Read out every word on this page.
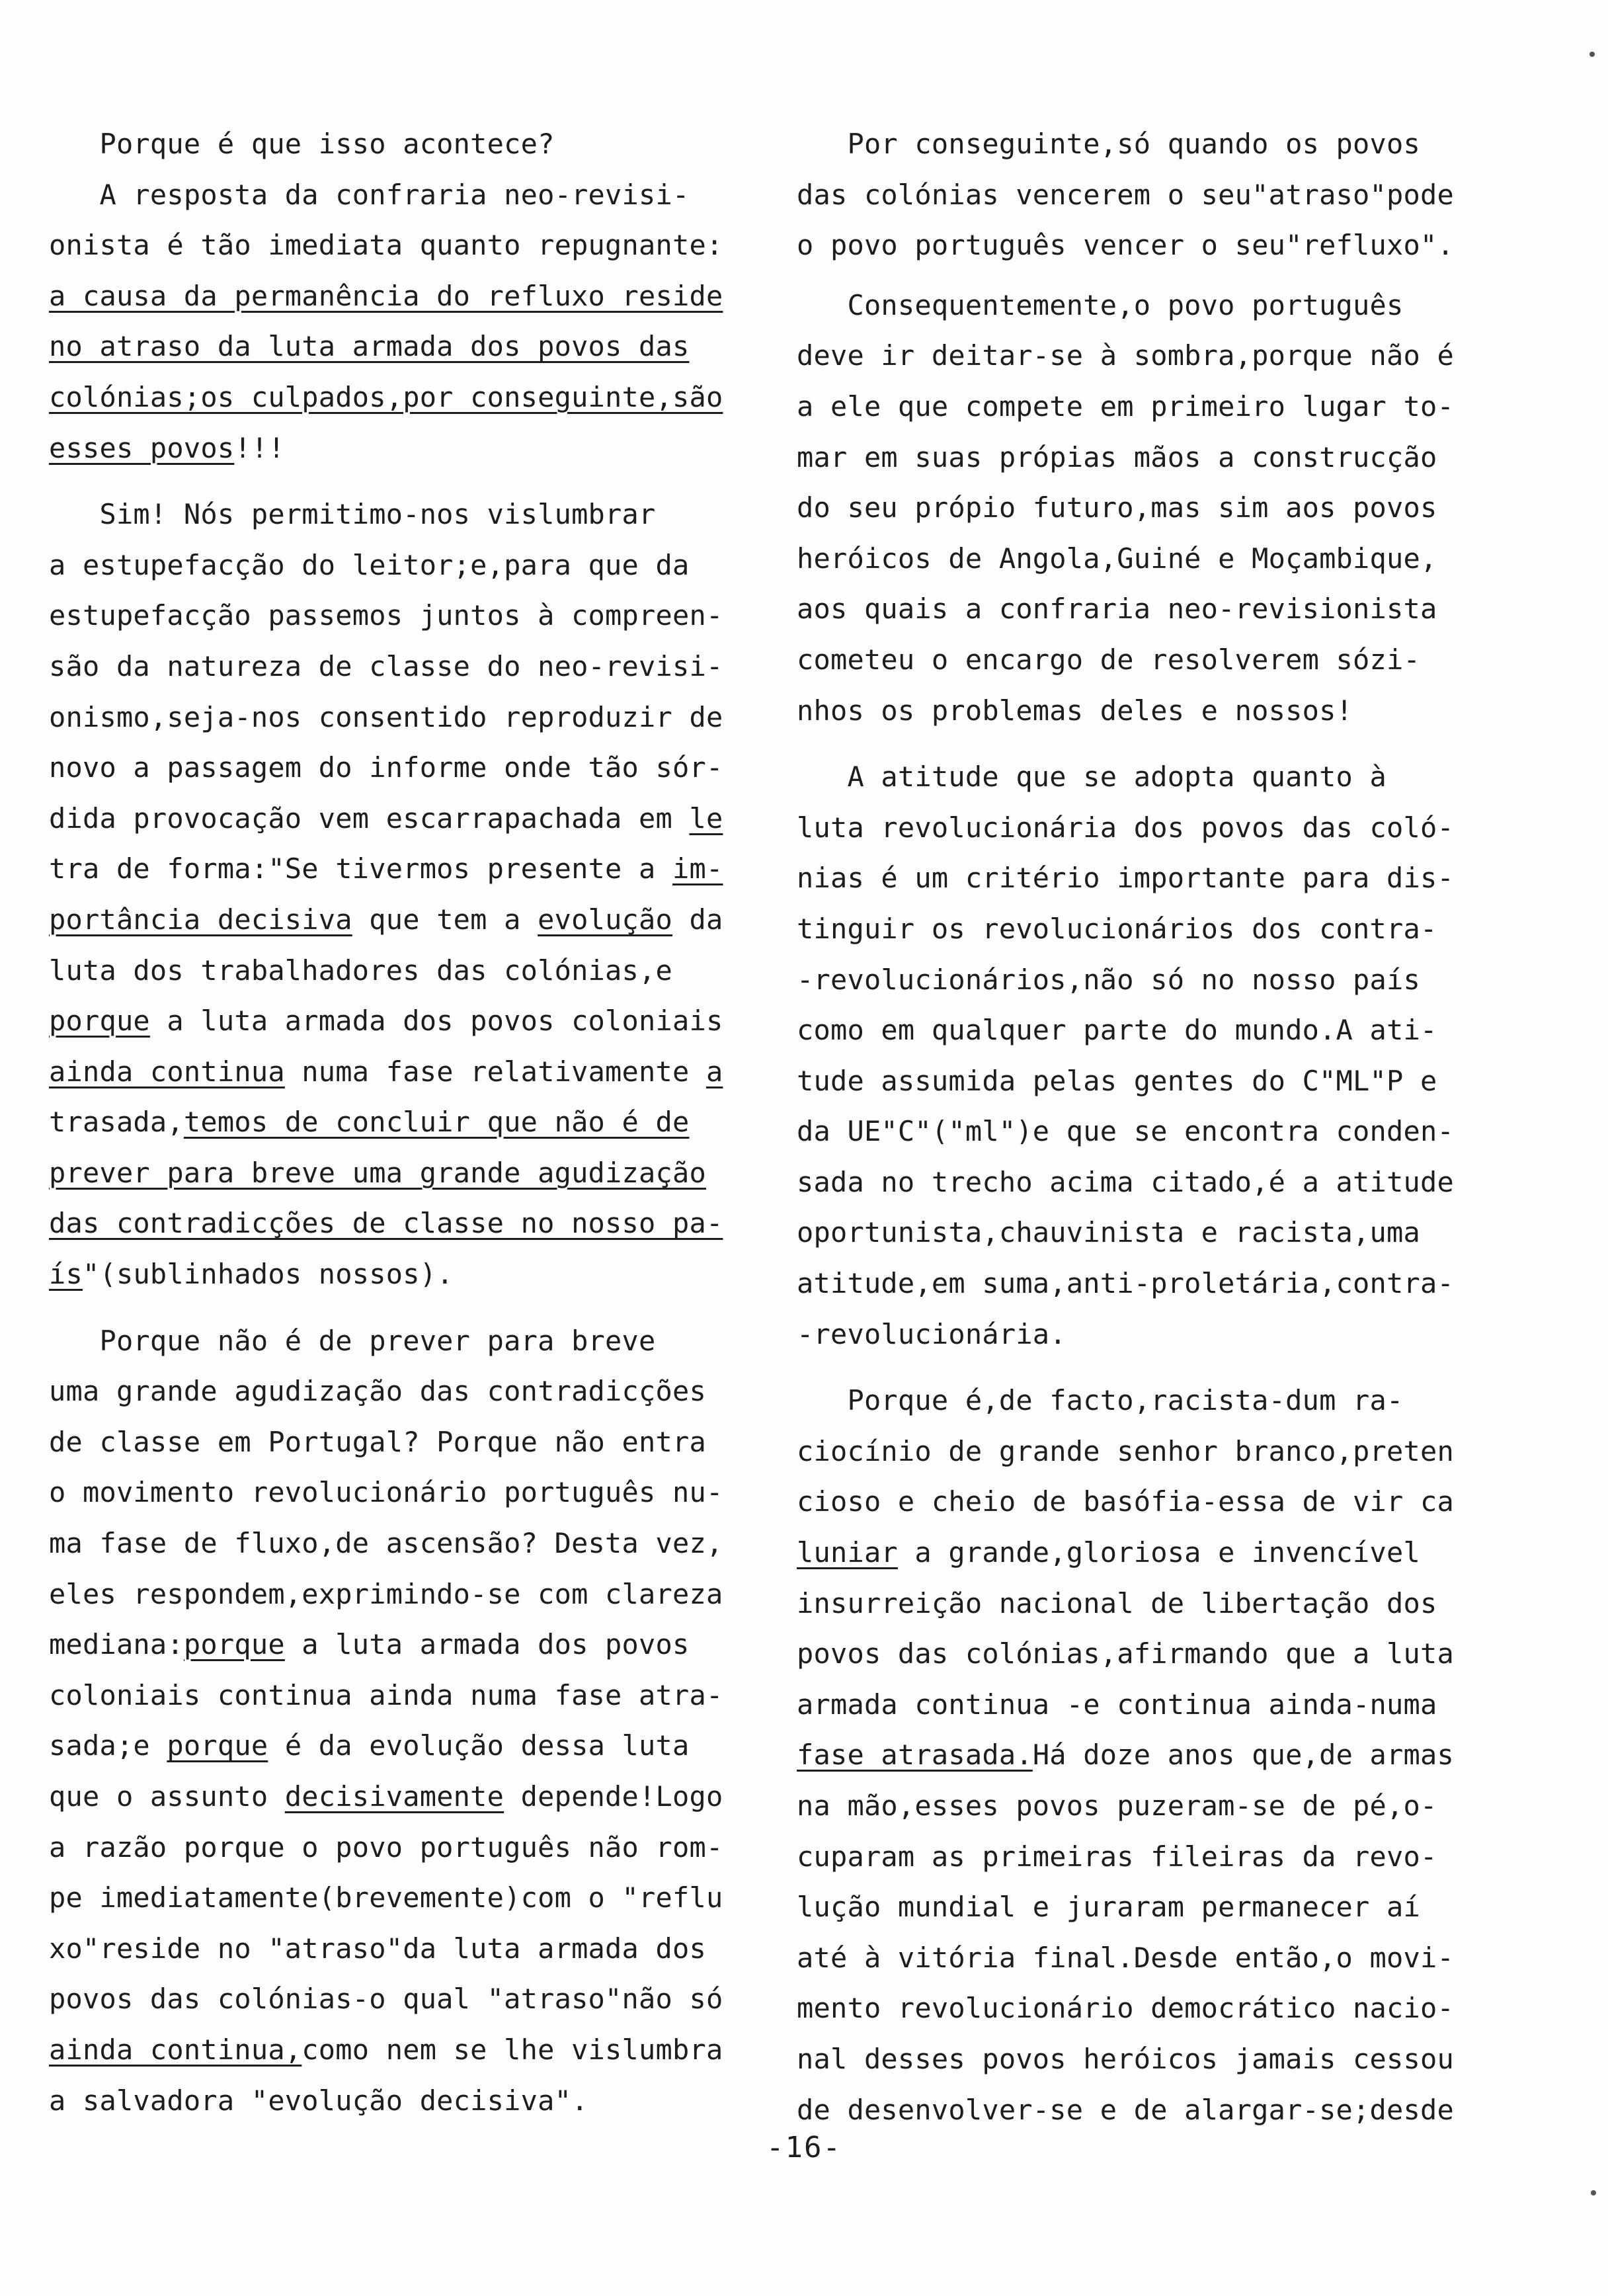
Porque é que isso acontece?
A resposta da confraria neo-revisi-
onista é tão imediata quanto repugnante:
a causa da permanência do refluxo reside
no atraso da luta armada dos povos das
colónias;os culpados,por conseguinte,são
esses povos!!!
Sim! Nós permitimo-nos vislumbrar
a estupefacção do leitor;e,para que da
estupefacção passemos juntos à compreen-
são da natureza de classe do neo-revisi-
onismo,seja-nos consentido reproduzir de
novo a passagem do informe onde tão sór-
dida provocação vem escarrapachada em le
tra de forma:"Se tivermos presente a im-
portância decisiva que tem a evolução da
luta dos trabalhadores das colónias,e
porque a luta armada dos povos coloniais
ainda continua numa fase relativamente a
trasada,temos de concluir que não é de
prever para breve uma grande agudização
das contradicções de classe no nosso pa-
ís"(sublinhados nossos).
Porque não é de prever para breve
uma grande agudização das contradicções
de classe em Portugal? Porque não entra
o movimento revolucionário português nu-
ma fase de fluxo,de ascensão? Desta vez,
eles respondem,exprimindo-se com clareza
mediana:porque a luta armada dos povos
coloniais continua ainda numa fase atra-
sada;e porque é da evolução dessa luta
que o assunto decisivamente depende!Logo
a razão porque o povo português não rom-
pe imediatamente(brevemente)com o "reflu
xo"reside no "atraso"da luta armada dos
povos das colónias-o qual "atraso"não só
ainda continua,como nem se lhe vislumbra
a salvadora "evolução decisiva".
Por conseguinte,só quando os povos
das colónias vencerem o seu"atraso"pode
o povo português vencer o seu"refluxo".
Consequentemente,o povo português
deve ir deitar-se à sombra,porque não é
a ele que compete em primeiro lugar to-
mar em suas própias mãos a construcção
do seu própio futuro,mas sim aos povos
heróicos de Angola,Guiné e Moçambique,
aos quais a confraria neo-revisionista
cometeu o encargo de resolverem sózi-
nhos os problemas deles e nossos!
A atitude que se adopta quanto à
luta revolucionária dos povos das coló-
nias é um critério importante para dis-
tinguir os revolucionários dos contra-
-revolucionários,não só no nosso país
como em qualquer parte do mundo.A ati-
tude assumida pelas gentes do C"ML"P e
da UE"C"("ml")e que se encontra conden-
sada no trecho acima citado,é a atitude
oportunista,chauvinista e racista,uma
atitude,em suma,anti-proletária,contra-
-revolucionária.
Porque é,de facto,racista-dum ra-
ciocínio de grande senhor branco,preten
cioso e cheio de basófia-essa de vir ca
luniar a grande,gloriosa e invencível
insurreição nacional de libertação dos
povos das colónias,afirmando que a luta
armada continua -e continua ainda-numa
fase atrasada.Há doze anos que,de armas
na mão,esses povos puzeram-se de pé,o-
cuparam as primeiras fileiras da revo-
lução mundial e juraram permanecer aí
até à vitória final.Desde então,o movi-
mento revolucionário democrático nacio-
nal desses povos heróicos jamais cessou
de desenvolver-se e de alargar-se;desde
-16-
